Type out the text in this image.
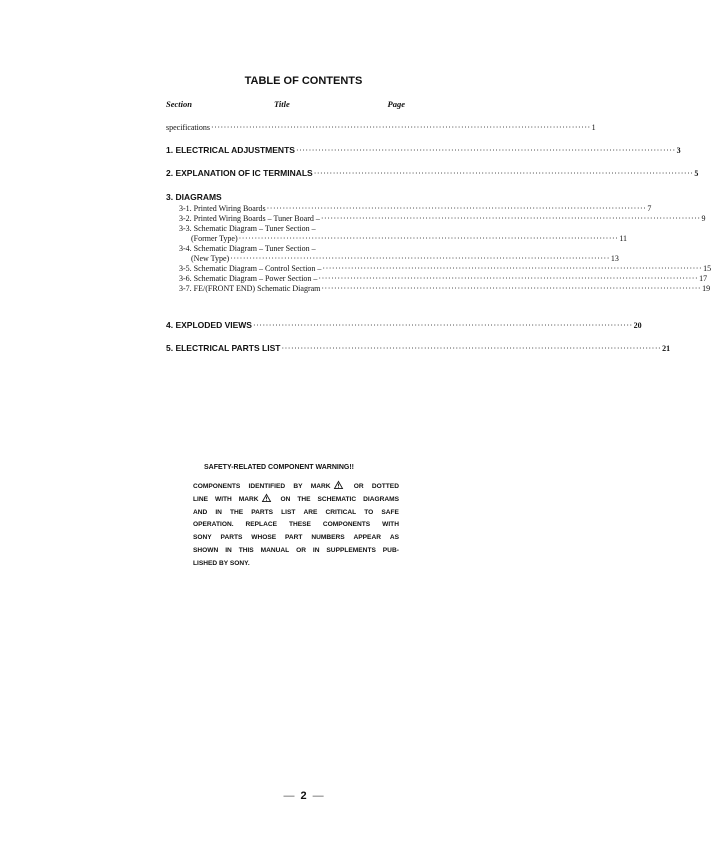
TABLE OF CONTENTS
Section	Title	Page
specifications ························································································································ 1
1. ELECTRICAL ADJUSTMENTS ························································································································ 3
2. EXPLANATION OF IC TERMINALS ························································································································ 5
3. DIAGRAMS
3-1. Printed Wiring Boards ························································································································ 7
3-2. Printed Wiring Boards – Tuner Board – ························································································································ 9
3-3. Schematic Diagram – Tuner Section –
(Former Type) ························································································································ 11
3-4. Schematic Diagram – Tuner Section –
(New Type) ························································································································ 13
3-5. Schematic Diagram – Control Section – ························································································································ 15
3-6. Schematic Diagram – Power Section – ························································································································ 17
3-7. FE/(FRONT END) Schematic Diagram ························································································································ 19
4. EXPLODED VIEWS ························································································································ 20
5. ELECTRICAL PARTS LIST ························································································································ 21
SAFETY-RELATED COMPONENT WARNING!!
COMPONENTS IDENTIFIED BY MARK	OR DOTTED
LINE WITH MARK	ON THE SCHEMATIC DIAGRAMS
AND IN THE PARTS LIST ARE CRITICAL TO SAFE
OPERATION. REPLACE THESE COMPONENTS WITH
SONY PARTS WHOSE PART NUMBERS APPEAR AS
SHOWN IN THIS MANUAL OR IN SUPPLEMENTS PUB-
LISHED BY SONY.
— 2 —
